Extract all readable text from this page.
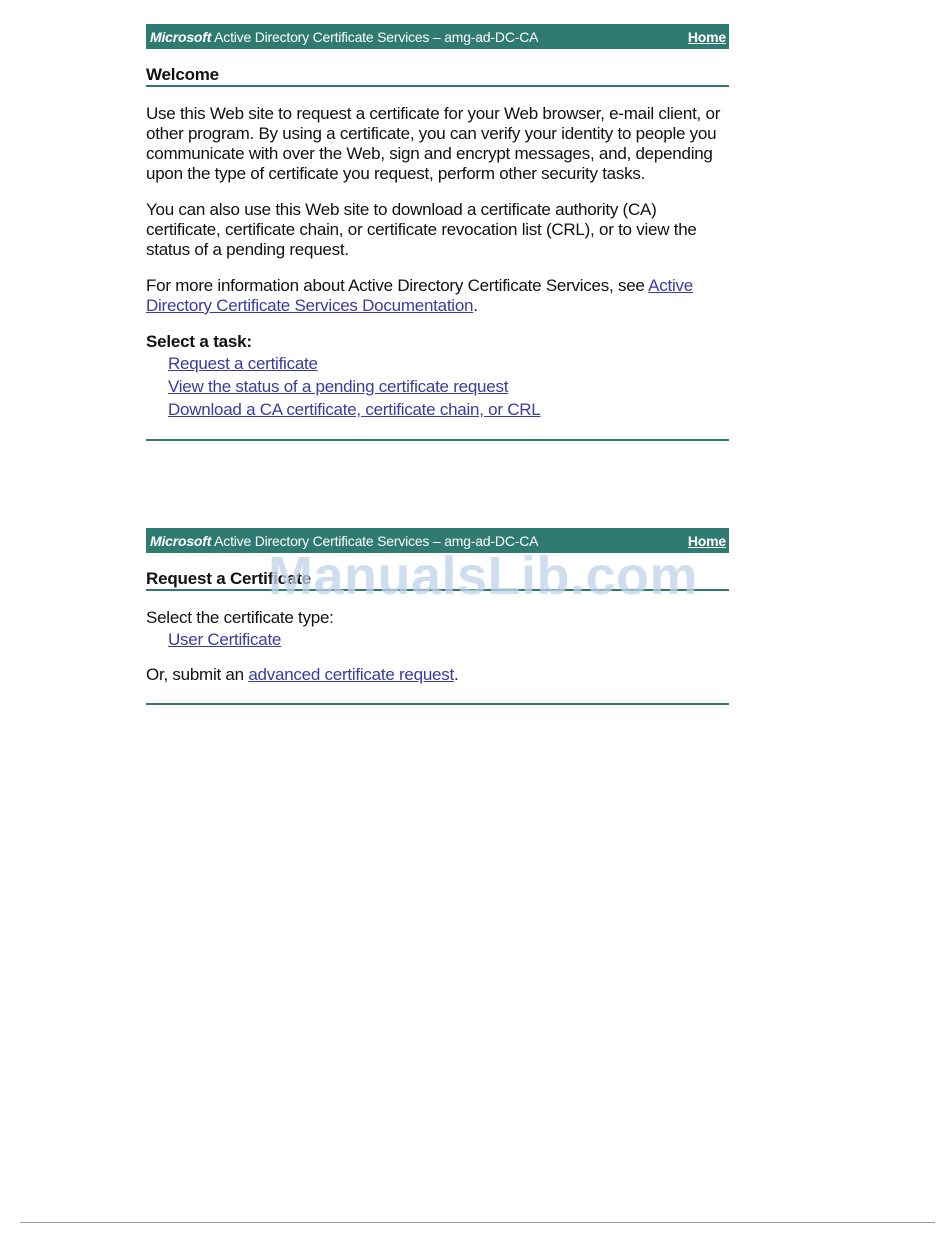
Microsoft Active Directory Certificate Services – amg-ad-DC-CA	Home
Welcome

Use this Web site to request a certificate for your Web browser, e-mail client, or other program. By using a certificate, you can verify your identity to people you communicate with over the Web, sign and encrypt messages, and, depending upon the type of certificate you request, perform other security tasks.

You can also use this Web site to download a certificate authority (CA) certificate, certificate chain, or certificate revocation list (CRL), or to view the status of a pending request.

For more information about Active Directory Certificate Services, see Active Directory Certificate Services Documentation.

Select a task:
Request a certificate
View the status of a pending certificate request
Download a CA certificate, certificate chain, or CRL
Microsoft Active Directory Certificate Services – amg-ad-DC-CA	Home
Request a Certificate

Select the certificate type:

User Certificate

Or, submit an advanced certificate request.

ManualsLib.com
